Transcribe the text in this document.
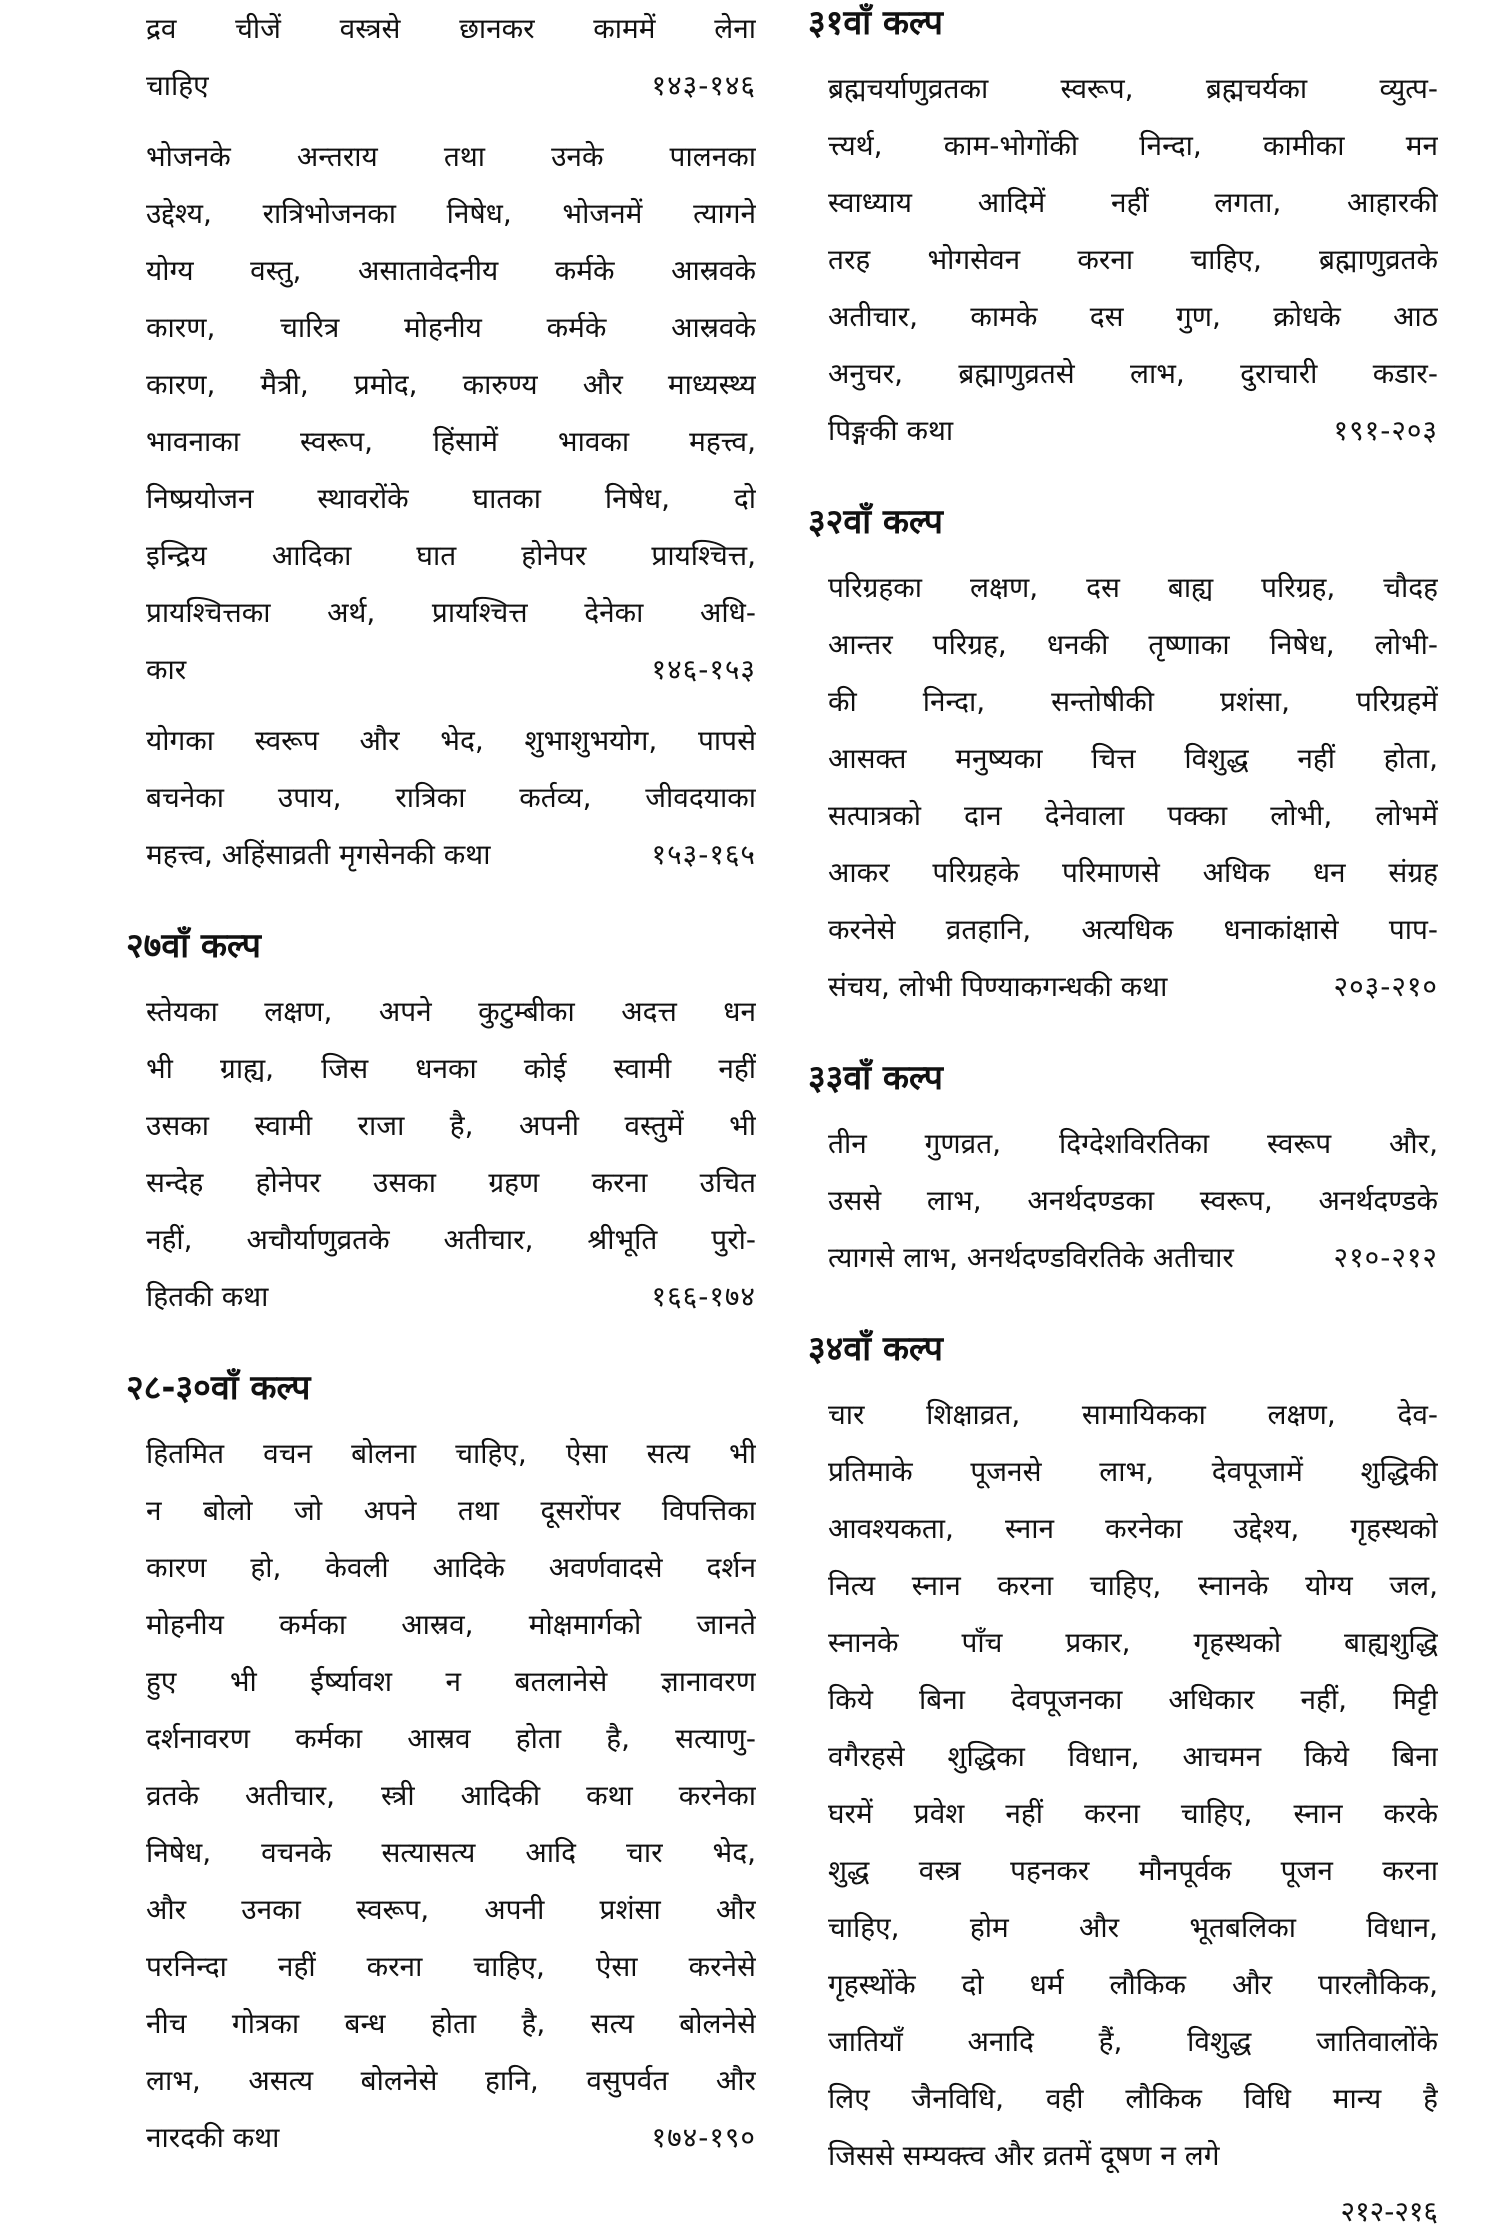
द्रव चीजें वस्त्रसे छानकर काममें लेना
चाहिए	१४३-१४६
भोजनके अन्तराय तथा उनके पालनका
उद्देश्य, रात्रिभोजनका निषेध, भोजनमें त्यागने
योग्य वस्तु, असातावेदनीय कर्मके आस्रवके
कारण, चारित्र मोहनीय कर्मके आस्रवके
कारण, मैत्री, प्रमोद, कारुण्य और माध्यस्थ्य
भावनाका स्वरूप, हिंसामें भावका महत्त्व,
निष्प्रयोजन स्थावरोंके घातका निषेध, दो
इन्द्रिय आदिका घात होनेपर प्रायश्चित्त,
प्रायश्चित्तका अर्थ, प्रायश्चित्त देनेका अधि-
कार	१४६-१५३
योगका स्वरूप और भेद, शुभाशुभयोग, पापसे
बचनेका उपाय, रात्रिका कर्तव्य, जीवदयाका
महत्त्व, अहिंसाव्रती मृगसेनकी कथा	१५३-१६५
२७वाँ कल्प
स्तेयका लक्षण, अपने कुटुम्बीका अदत्त धन
भी ग्राह्य, जिस धनका कोई स्वामी नहीं
उसका स्वामी राजा है, अपनी वस्तुमें भी
सन्देह होनेपर उसका ग्रहण करना उचित
नहीं, अचौर्याणुव्रतके अतीचार, श्रीभूति पुरो-
हितकी कथा	१६६-१७४
२८-३०वाँ कल्प
हितमित वचन बोलना चाहिए, ऐसा सत्य भी
न बोलो जो अपने तथा दूसरोंपर विपत्तिका
कारण हो, केवली आदिके अवर्णवादसे दर्शन
मोहनीय कर्मका आस्रव, मोक्षमार्गको जानते
हुए भी ईर्ष्यावश न बतलानेसे ज्ञानावरण
दर्शनावरण कर्मका आस्रव होता है, सत्याणु-
व्रतके अतीचार, स्त्री आदिकी कथा करनेका
निषेध, वचनके सत्यासत्य आदि चार भेद,
और उनका स्वरूप, अपनी प्रशंसा और
परनिन्दा नहीं करना चाहिए, ऐसा करनेसे
नीच गोत्रका बन्ध होता है, सत्य बोलनेसे
लाभ, असत्य बोलनेसे हानि, वसुपर्वत और
नारदकी कथा	१७४-१९०
३१वाँ कल्प
ब्रह्मचर्याणुव्रतका स्वरूप, ब्रह्मचर्यका व्युत्प-
त्त्यर्थ, काम-भोगोंकी निन्दा, कामीका मन
स्वाध्याय आदिमें नहीं लगता, आहारकी
तरह भोगसेवन करना चाहिए, ब्रह्माणुव्रतके
अतीचार, कामके दस गुण, क्रोधके आठ
अनुचर, ब्रह्माणुव्रतसे लाभ, दुराचारी कडार-
पिङ्गकी कथा	१९१-२०३
३२वाँ कल्प
परिग्रहका लक्षण, दस बाह्य परिग्रह, चौदह
आन्तर परिग्रह, धनकी तृष्णाका निषेध, लोभी-
की निन्दा, सन्तोषीकी प्रशंसा, परिग्रहमें
आसक्त मनुष्यका चित्त विशुद्ध नहीं होता,
सत्पात्रको दान देनेवाला पक्का लोभी, लोभमें
आकर परिग्रहके परिमाणसे अधिक धन संग्रह
करनेसे व्रतहानि, अत्यधिक धनाकांक्षासे पाप-
संचय, लोभी पिण्याकगन्धकी कथा	२०३-२१०
३३वाँ कल्प
तीन गुणव्रत, दिग्देशविरतिका स्वरूप और,
उससे लाभ, अनर्थदण्डका स्वरूप, अनर्थदण्डके
त्यागसे लाभ, अनर्थदण्डविरतिके अतीचार	२१०-२१२
३४वाँ कल्प
चार शिक्षाव्रत, सामायिकका लक्षण, देव-
प्रतिमाके पूजनसे लाभ, देवपूजामें शुद्धिकी
आवश्यकता, स्नान करनेका उद्देश्य, गृहस्थको
नित्य स्नान करना चाहिए, स्नानके योग्य जल,
स्नानके पाँच प्रकार, गृहस्थको बाह्यशुद्धि
किये बिना देवपूजनका अधिकार नहीं, मिट्टी
वगैरहसे शुद्धिका विधान, आचमन किये बिना
घरमें प्रवेश नहीं करना चाहिए, स्नान करके
शुद्ध वस्त्र पहनकर मौनपूर्वक पूजन करना
चाहिए, होम और भूतबलिका विधान,
गृहस्थोंके दो धर्म लौकिक और पारलौकिक,
जातियाँ अनादि हैं, विशुद्ध जातिवालोंके
लिए जैनविधि, वही लौकिक विधि मान्य है
जिससे सम्यक्त्व और व्रतमें दूषण न लगे
२१२-२१६
